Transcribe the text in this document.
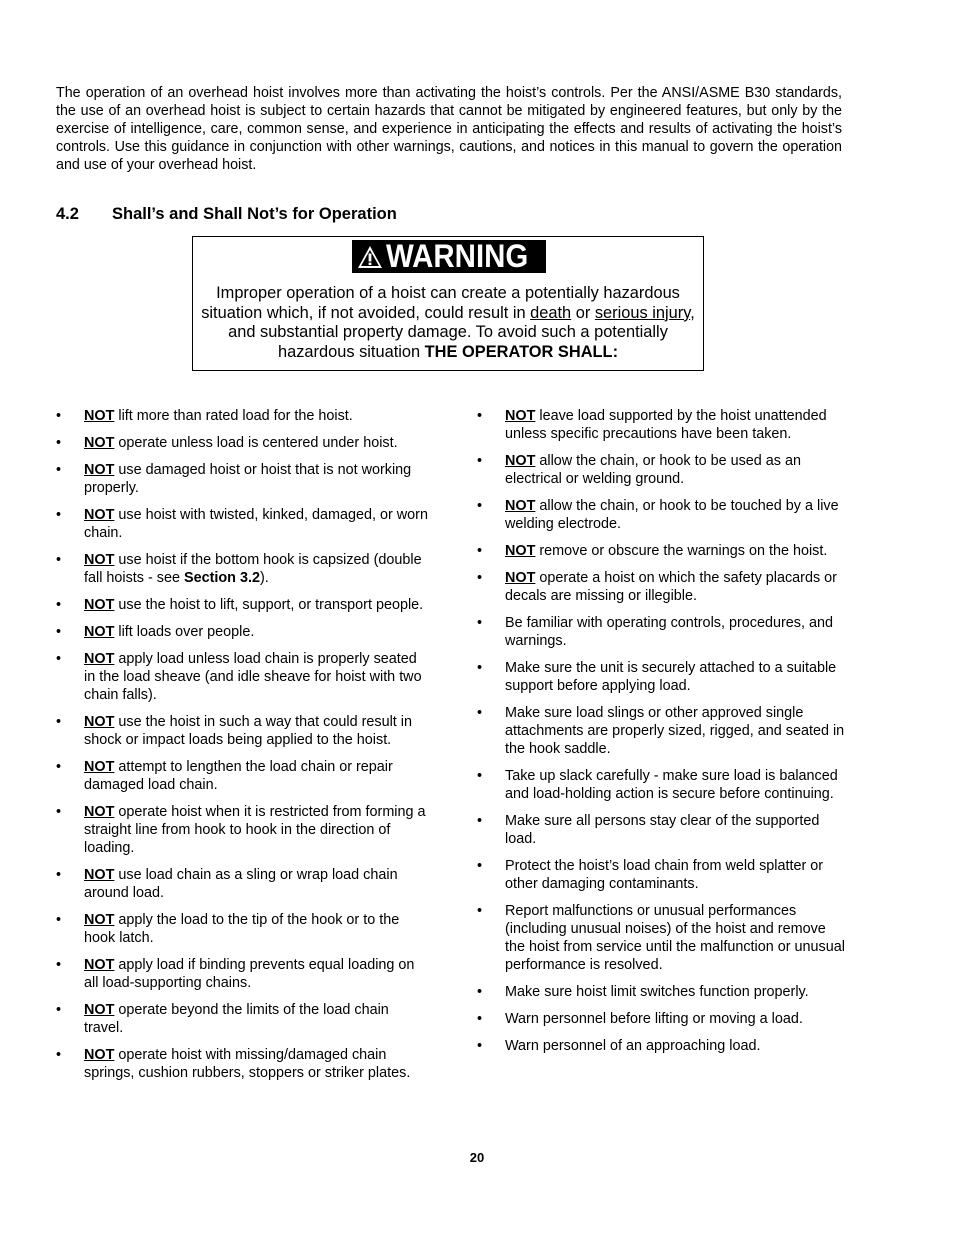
The operation of an overhead hoist involves more than activating the hoist’s controls. Per the ANSI/ASME B30 standards, the use of an overhead hoist is subject to certain hazards that cannot be mitigated by engineered features, but only by the exercise of intelligence, care, common sense, and experience in anticipating the effects and results of activating the hoist’s controls. Use this guidance in conjunction with other warnings, cautions, and notices in this manual to govern the operation and use of your overhead hoist.

4.2 Shall’s and Shall Not’s for Operation
WARNING

Improper operation of a hoist can create a potentially hazardous situation which, if not avoided, could result in death or serious injury, and substantial property damage. To avoid such a potentially hazardous situation THE OPERATOR SHALL:

• NOT lift more than rated load for the hoist.
• NOT operate unless load is centered under hoist.
• NOT use damaged hoist or hoist that is not working properly.
• NOT use hoist with twisted, kinked, damaged, or worn chain.
• NOT use hoist if the bottom hook is capsized (double fall hoists - see Section 3.2).
• NOT use the hoist to lift, support, or transport people.
• NOT lift loads over people.
• NOT apply load unless load chain is properly seated in the load sheave (and idle sheave for hoist with two chain falls).
• NOT use the hoist in such a way that could result in shock or impact loads being applied to the hoist.
• NOT attempt to lengthen the load chain or repair damaged load chain.
• NOT operate hoist when it is restricted from forming a straight line from hook to hook in the direction of loading.
• NOT use load chain as a sling or wrap load chain around load.
• NOT apply the load to the tip of the hook or to the hook latch.
• NOT apply load if binding prevents equal loading on all load-supporting chains.
• NOT operate beyond the limits of the load chain travel.
• NOT operate hoist with missing/damaged chain springs, cushion rubbers, stoppers or striker plates.
• NOT leave load supported by the hoist unattended unless specific precautions have been taken.
• NOT allow the chain, or hook to be used as an electrical or welding ground.
• NOT allow the chain, or hook to be touched by a live welding electrode.
• NOT remove or obscure the warnings on the hoist.
• NOT operate a hoist on which the safety placards or decals are missing or illegible.
• Be familiar with operating controls, procedures, and warnings.
• Make sure the unit is securely attached to a suitable support before applying load.
• Make sure load slings or other approved single attachments are properly sized, rigged, and seated in the hook saddle.
• Take up slack carefully - make sure load is balanced and load-holding action is secure before continuing.
• Make sure all persons stay clear of the supported load.
• Protect the hoist’s load chain from weld splatter or other damaging contaminants.
• Report malfunctions or unusual performances (including unusual noises) of the hoist and remove the hoist from service until the malfunction or unusual performance is resolved.
• Make sure hoist limit switches function properly.
• Warn personnel before lifting or moving a load.
• Warn personnel of an approaching load.
20
